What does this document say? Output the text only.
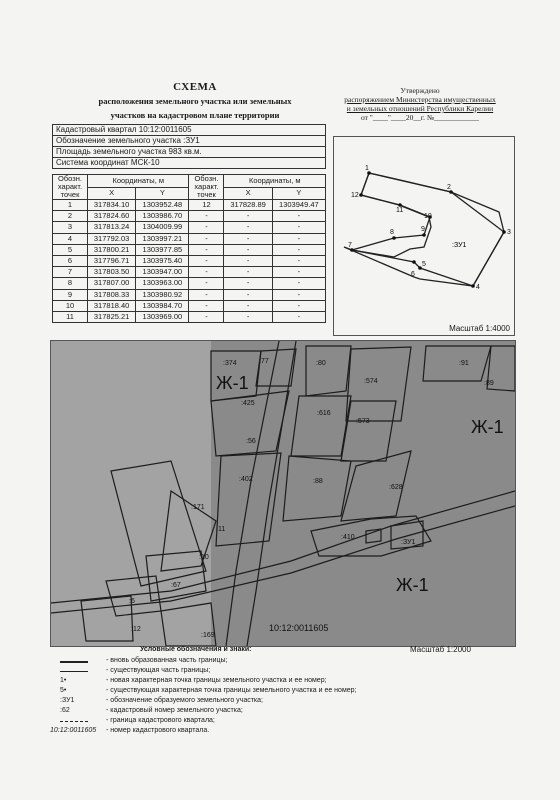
СХЕМА
расположения земельного участка или земельных
участков на кадастровом плане территории
Утверждено
распоряжением Министерства имущественных
и земельных отношений Республики Карелии
от "____"____20__г. №____________
Кадастровый квартал 10:12:0011605
Обозначение земельного участка :ЗУ1
Площадь земельного участка 983 кв.м.
Система координат МСК-10
Обозн. характ. точек	Координаты, м		Обозн. характ. точек	Координаты, м	
	X	Y		X	Y
1	317834.10	1303952.48	12	317828.89	1303949.47
2	317824.60	1303986.70	-	-	-
3	317813.24	1304009.99	-	-	-
4	317792.03	1303997.21	-	-	-
5	317800.21	1303977.85	-	-	-
6	317796.71	1303975.40	-	-	-
7	317803.50	1303947.00	-	-	-
8	317807.00	1303963.00	-	-	-
9	317808.33	1303980.92	-	-	-
10	317818.40	1303984.70	-	-	-
11	317825.21	1303969.00	-	-	-
1
2
3
4
5
6
7
8	9
10
11
12
:ЗУ1
Масштаб 1:4000
:374	:77	:80
:574
:91
:89
:425
:616
:573
:56
:402	:88
:628
:171
:11
:410
:10
:67
:6
:12
:169
Ж-1
Ж-1
Ж-1
:ЗУ1
10:12:0011605
Масштаб 1:2000
Условные обозначения и знаки:
- вновь образованная часть границы;
- существующая часть границы;
1•	- новая характерная точка границы земельного участка и ее номер;
5•	- существующая характерная точка границы земельного участка и ее номер;
:ЗУ1	- обозначение образуемого земельного участка;
:62	- кадастровый номер земельного участка;
- граница кадастрового квартала;
10:12:0011605 - номер кадастрового квартала.
